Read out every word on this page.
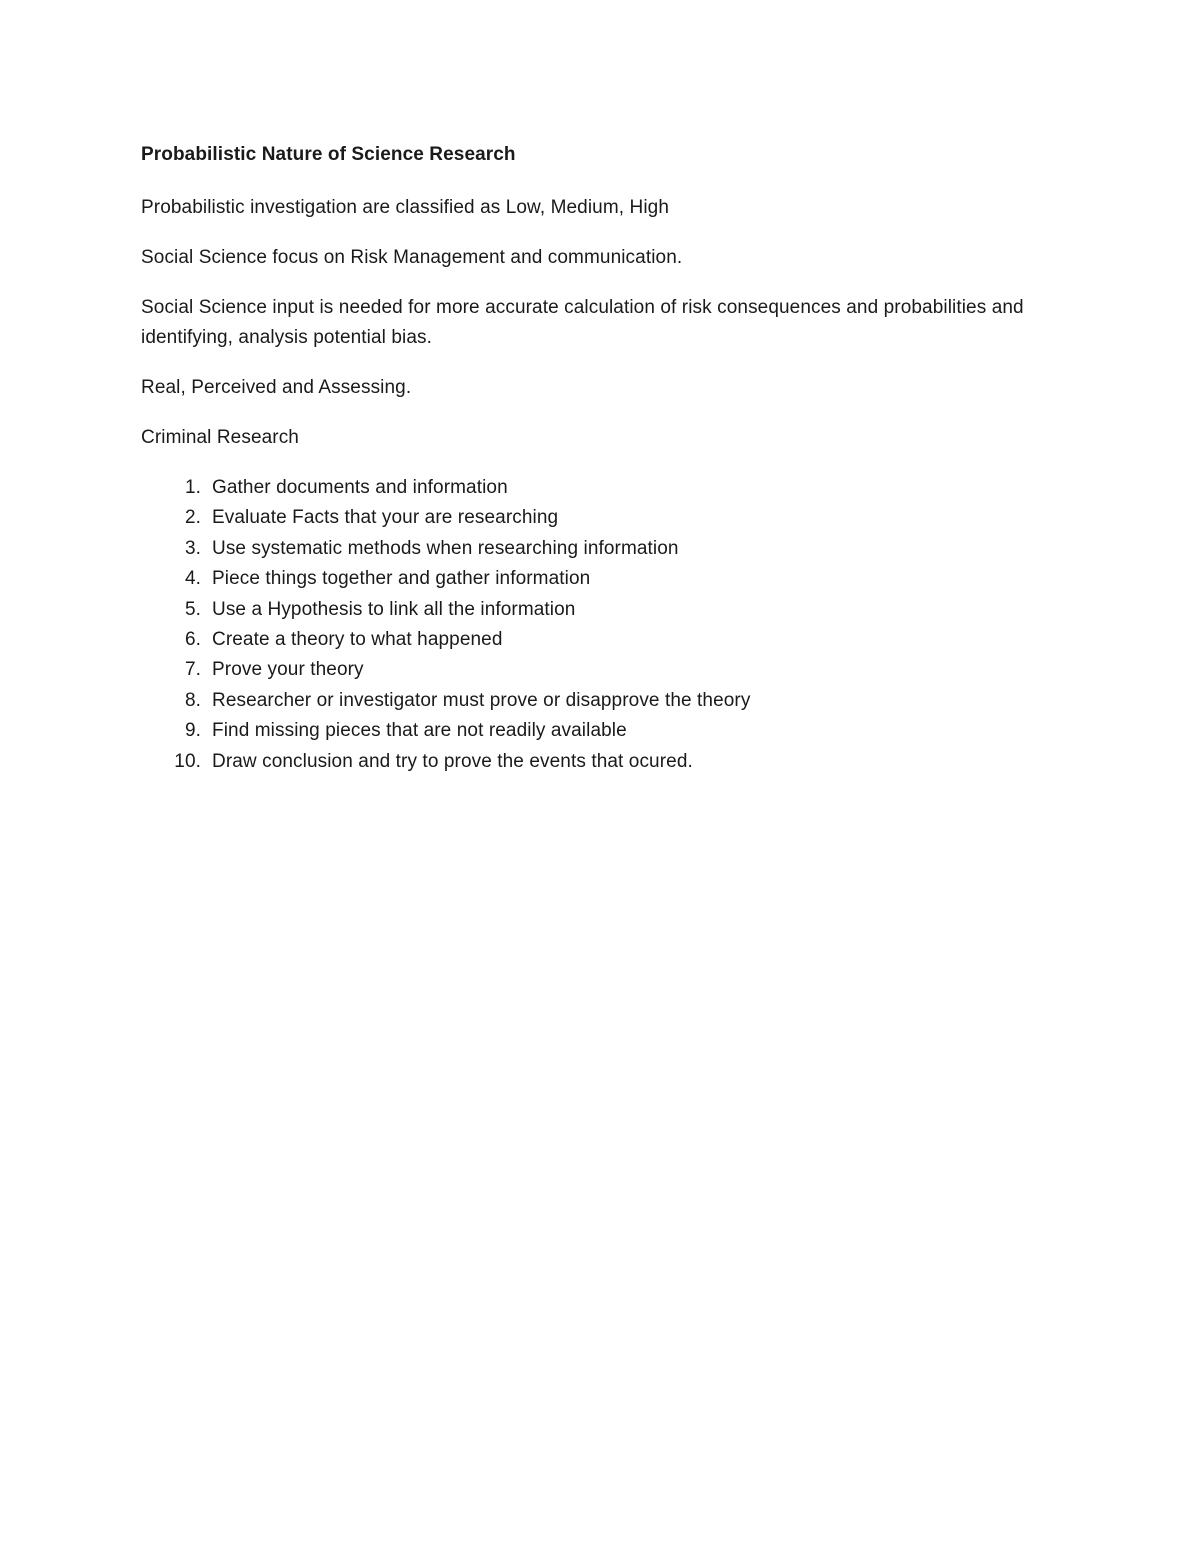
Probabilistic Nature of Science Research

Probabilistic investigation are classified as Low, Medium, High

Social Science focus on Risk Management and communication.

Social Science input is needed for more accurate calculation of risk consequences and probabilities and identifying, analysis potential bias.

Real, Perceived and Assessing.

Criminal Research

1. Gather documents and information
2. Evaluate Facts that your are researching
3. Use systematic methods when researching information
4. Piece things together and gather information
5. Use a Hypothesis to link all the information
6. Create a theory to what happened
7. Prove your theory
8. Researcher or investigator must prove or disapprove the theory
9. Find missing pieces that are not readily available
10. Draw conclusion and try to prove the events that ocured.
